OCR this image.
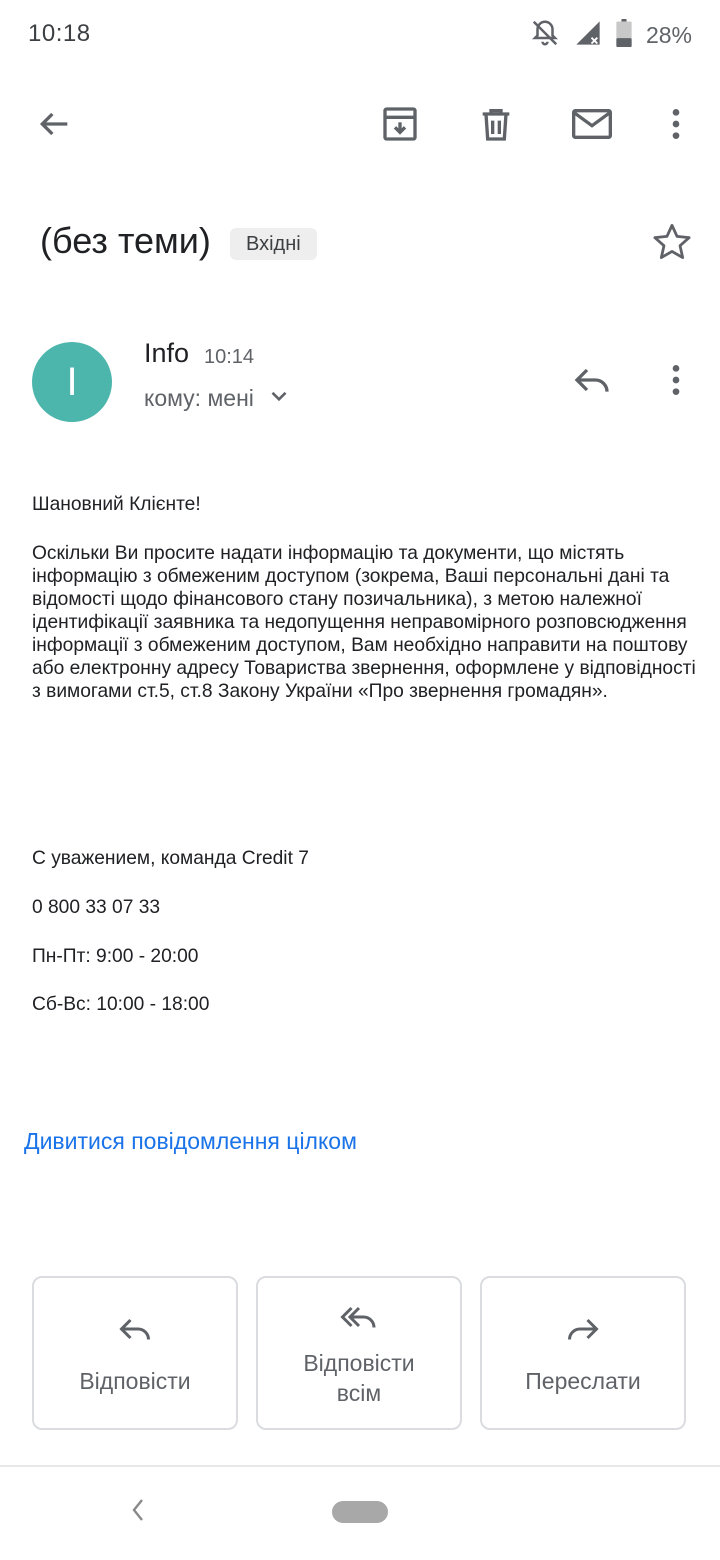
10:18	28%
(без теми)	Вхідні
I
Info 10:14
кому: мені
Шановний Клієнте!
Оскільки Ви просите надати інформацію та документи, що містять інформацію з обмеженим доступом (зокрема, Ваші персональні дані та відомості щодо фінансового стану позичальника), з метою належної ідентифікації заявника та недопущення неправомірного розповсюдження інформації з обмеженим доступом, Вам необхідно направити на поштову або електронну адресу Товариства звернення, оформлене у відповідності з вимогами ст.5, ст.8 Закону України «Про звернення громадян».
С уважением, команда Credit 7
0 800 33 07 33
Пн-Пт: 9:00 - 20:00
Сб-Вс: 10:00 - 18:00
Дивитися повідомлення цілком
Відповісти
Відповісти всім	Переслати
